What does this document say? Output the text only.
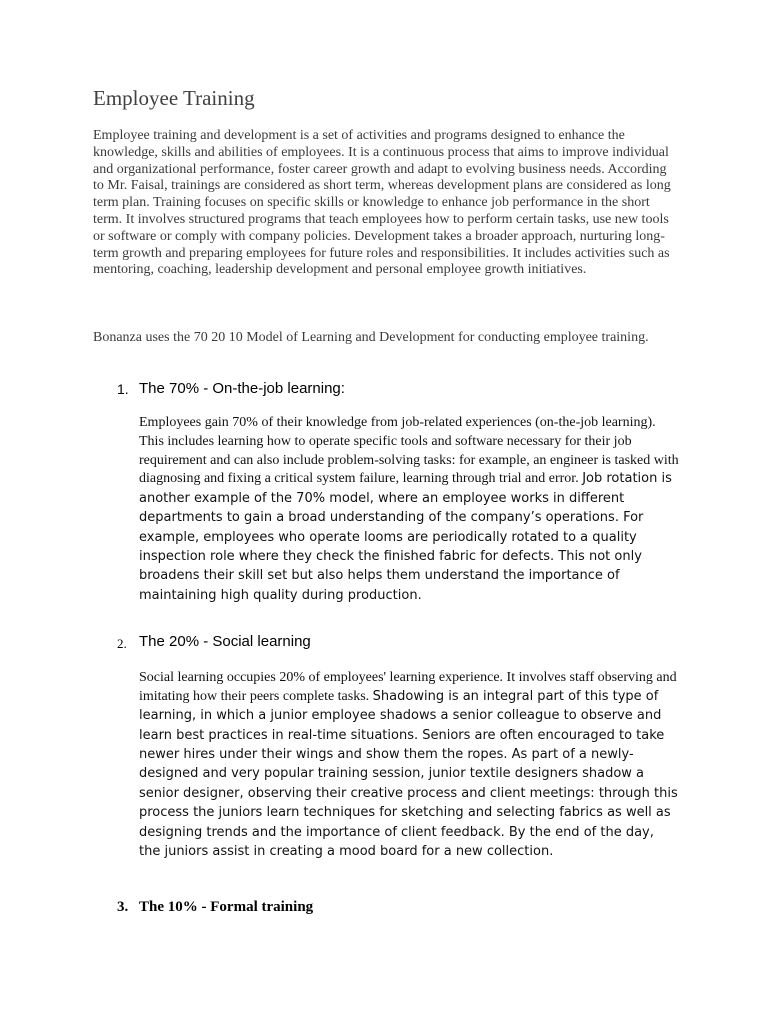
Employee Training

Employee training and development is a set of activities and programs designed to enhance the knowledge, skills and abilities of employees. It is a continuous process that aims to improve individual and organizational performance, foster career growth and adapt to evolving business needs. According to Mr. Faisal, trainings are considered as short term, whereas development plans are considered as long term plan. Training focuses on specific skills or knowledge to enhance job performance in the short term. It involves structured programs that teach employees how to perform certain tasks, use new tools or software or comply with company policies. Development takes a broader approach, nurturing long-term growth and preparing employees for future roles and responsibilities. It includes activities such as mentoring, coaching, leadership development and personal employee growth initiatives.

Bonanza uses the 70 20 10 Model of Learning and Development for conducting employee training.

1. The 70% - On-the-job learning:
Employees gain 70% of their knowledge from job-related experiences (on-the-job learning). This includes learning how to operate specific tools and software necessary for their job requirement and can also include problem-solving tasks: for example, an engineer is tasked with diagnosing and fixing a critical system failure, learning through trial and error. Job rotation is another example of the 70% model, where an employee works in different departments to gain a broad understanding of the company’s operations. For example, employees who operate looms are periodically rotated to a quality inspection role where they check the finished fabric for defects. This not only broadens their skill set but also helps them understand the importance of maintaining high quality during production.
2. The 20% - Social learning
Social learning occupies 20% of employees' learning experience. It involves staff observing and imitating how their peers complete tasks. Shadowing is an integral part of this type of learning, in which a junior employee shadows a senior colleague to observe and learn best practices in real-time situations. Seniors are often encouraged to take newer hires under their wings and show them the ropes. As part of a newly-designed and very popular training session, junior textile designers shadow a senior designer, observing their creative process and client meetings: through this process the juniors learn techniques for sketching and selecting fabrics as well as designing trends and the importance of client feedback. By the end of the day, the juniors assist in creating a mood board for a new collection.
3. The 10% - Formal training
